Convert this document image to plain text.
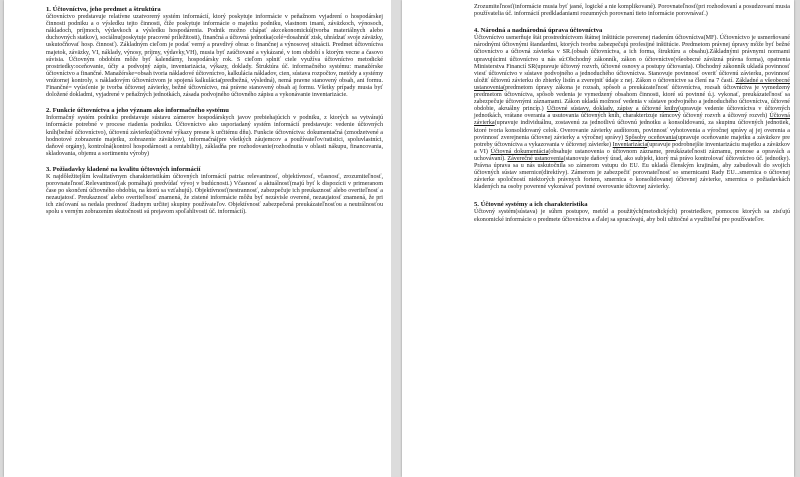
1. Účtovníctvo, jeho predmet a štruktúra

účtovníctvo predstavuje relatívne uzatvorený systém informácií, ktorý poskytuje informácie v peňažnom vyjadrení o hospodárskej činnosti podniku a o výsledku tejto činnosti, čiže poskytuje informácie o majetku podniku, vlastnom imaní, záväzkoch, výnosoch, nákladoch, príjmoch, výdavkoch a výsledku hospodárenia. Podnik možno chápať ako:ekonomickú(tvorba materiálnych alebo duchovných statkov), sociálnu(poskytuje pracovné príležitosti), finančná a účtovná jednotka(celé=dosahnúť zisk, uhrádzať svoje záväzky, uskutočňovať hosp. činnosť). Základným cieľom je podať verný a pravdivý obraz o finančnej a výnosovej situácii. Predmet účtovníctva majetok, záväzky, VI, náklady, výnosy, príjmy, výdavky,VH), musia byť zaúčtované a vykázané, v tom období s ktorým vecne a časovo súvisia. Účtovným obdobím môže byť kalendárny, hospodársky rok. S cieľom splniť ciele využíva účtovníctvo metodické prostriedky:oceňovanie, účty a podvojný zápis, inventarizácia, výkazy, doklady. Štruktúra úč. informačného systému: manažérske účtovníctvo a finančné. Manažérske=obsah tvoria nákladové účtovníctvo, kalkulácia nákladov, cien, sústava rozpočtov, metódy a systémy vnútornej kontroly, s nákladovým účtovníctvom je spojená kalkulácia(predbežná, výsledná), nemá pravne stanovený obsah, ani formu. Finančné= vyúsťenie je tvorba účtovnej závierky, bežné účtovníctvo, má právne stanovený obsah aj formu. Všetky prípady musia byť doložené dokladmi, vyjadrené v peňažných jednotkách, zásada podvojného účtovného zápisu a vykonávanie inventarizácie.

2. Funkcie účtovníctva a jeho význam ako informačného systému

Informačný systém podniku predstavuje sústavu zámerov hospodárskych javov prebiehajúcich v podniku, z ktorých sa vytvárajú informácie potrebné v procese riadenia podniku. Účtovníctvo ako usporiadaný systém informácií predstavuje: vedenie účtovných kníh(bežné účtovníctvo), účtovnú závierku(účtovné výkazy presne k určitému dňu). Funkcie účtovníctva: dokumentačná (zmodzetvené a hodnotové zobrazenie majetku, zobrazenie záväzkov), informačná(pre všetkých záujemcov a používateľov/ratistici, spoluvlastníci, daňové orgány), kontrolná(kontrol hospodárnosti a rentability), základňa pre rozhodovanie(rozhodnutia v oblasti nákupu, financovania, skladovania, objemu a sortimentu výroby)

3. Požiadavky kladené na kvalitu účtovných informácií

K najdôležitejším kvalitatívnym charakteristikám účtovných informácií patria: relevantnosť, objektívnosť, včasnosť, zrozumiteľnosť, porovnateľnosť.Relevantnosť(ak pomáhajú predvídať vývoj v budúcnosti.) Včasnosť a aktuálnosť(majú byť k dispozícii v primeranom čase po skončení účtovného obdobia, na ktorú sa vzťahujú). Objektívnosť(nestrannosť, zabezpečuje ich preukaznosť alebo overiteľnosť a nezaujatosť. Preukaznosť alebo overiteľnosť znamená, že zistené informácie môžu byť nezávisle overené, nezaujatosť znamená, že pri ich zisťovaní sa nedala prednosť žiadnym určitej skupiny používateľov. Objektívnosť zabezpečená preukázateľnosťou a neutrálnosťou spolu s verným zobrazením skutočnosti sú prejavom spoľahlivosti úč. informácií).

Zrozumiteľnosť(informácie musia byť jasné, logické a nie komplikované). Porovnateľnosť(pri rozhodovaní a posudzovaní musia používatelia úč. informácií predkladaniami rozumných porovnaní tieto informácie porovnávať.)

4. Národná a nadnárodná úprava účtovníctva

Účtovníctvo usmerňuje štát prostredníctvom štátnej inštitúcie poverenej riadením účtovníctva(MF). Účtovníctvo je usmerňované národnými účtovnými štandardmi, ktorých tvorbu zabezpečujú profesijné inštitúcie. Predmetom právnej úpravy môže byť bežné účtovníctvo a účtovná závierka v SR.(obsah účtovníctva, a ich forma, štruktúru a obsahu).Základnými právnymi normami upravujúcimi účtovníctvo u nás sú:Obchodný zákonník, zákon o účtovníctve(všeobecné záväzná právna forma), opatrenia Ministerstva Financií SR(upravuje účtovný rozvrh, účtovné osnovy a postupy účtovania). Obchodný zákonník ukladá povinnosť viesť účtovníctvo v sústave podvojného a jednoduchého účtovníctva. Stanovuje povinnosť overiť účtovnú závierku, povinnosť uložiť účtovnú závierku do zbierky listín a zverejniť údaje z nej. Zákon o účtovníctve sa člení na 7 častí. Základné a všeobecné ustanovenia(predmetom úpravy zákona je rozsah, spôsob a preukázateľnosť účtovníctva, rozsah účtovníctva je vymedzený predmetom účtovníctva, spôsob vedenia je vymedzený obsahom činnosti, ktoré sú povinné ú.j. vykonať, preukázateľnosť sa zabezpečuje účtovnými záznamami. Zákon ukladá možnosť vedenia v sústave podvojného a jednoduchého účtovníctva, účtovné obdobie, akruálny princíp.) Účtovné sústavy, doklady, zápisy a účtovné knihy(upravuje vedenie účtovníctva v účtovných jednotkách, vrátane overania a usutovania účtovných kníh, charakterizuje rámcový účtovný rozvrh a účtovný rozvrh) Účtovná závierka(upravuje individuálnu, zostavenú za jednotlivú účtovnú jednotku a konsolidovanú, za skupinu účtovných jednotiek, ktoré tvoria konsolidovaný celok. Overovanie závierky audítorom, povinnosť vyhotovenia a výročnej správy aj jej overenia a povinnosť zverejnenia účtovnej závierky a výročnej správy) Spôsoby oceňovania(upravuje oceňovanie majetku a záväzkov pre potreby účtovníctva a vykazovania v účtovnej závierke) Inventarizácia(upravuje podrobnejšie inventarizáciu majetku a záväzkov a VI) Účtovná dokumentácia(obsahuje ustanovenia o účtovnom zázname, preukázateľnosti záznamu, prenose a opravách a uchovávaní). Záverečné ustanovenia(stanovuje daňový úrad, ako subjekt, ktorý má právo kontrolovať účtovníctvo úč. jednotky). Právna úprava sa u nás uskutočnila so zámerom vstupu do EU. Eu ukladá členským krajinám, aby zabudovali do svojich účtovných sústav smernice(direktívy). Zámerom je zabezpečiť porovnateľnosť so smernicami Rady EU...smernica o účtovnej závierke spoločností niektorých právnych foriem, smernica o konsolidovanej účtovnej závierke, smernica o požiadavkách kladených na osoby poverené vykonávať povinné overovanie účtovnej závierky.

5. Účtovné systémy a ich charakteristika

Účtovný systém(sústava) je súhrn postupov, metód a použitých(metodických) prostriedkov, pomocou ktorých sa zisťujú ekonomické informácie o predmete účtovníctva a ďalej sa spracúvajú, aby boli užitočné a využiteľné pre používateľov.
